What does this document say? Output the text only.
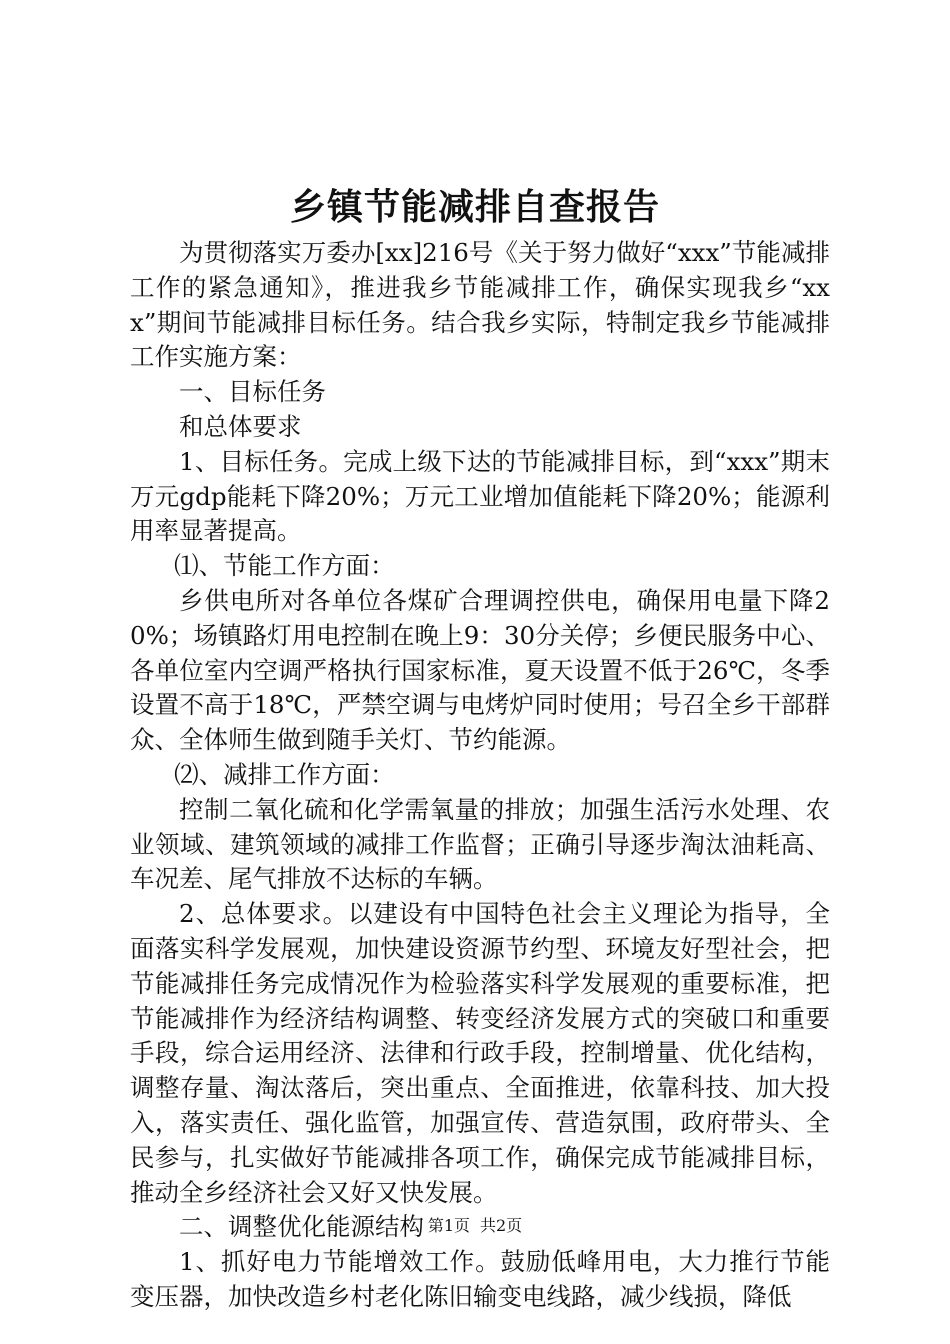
乡镇节能减排自查报告

为贯彻落实万委办[xx]216号《关于努力做好“xxx”节能减排工作的紧急通知》，推进我乡节能减排工作，确保实现我乡“xxx”期间节能减排目标任务。结合我乡实际，特制定我乡节能减排工作实施方案：

一、目标任务

和总体要求

1、目标任务。完成上级下达的节能减排目标，到“xxx”期末万元gdp能耗下降20%；万元工业增加值能耗下降20%；能源利用率显著提高。

⑴、节能工作方面：

乡供电所对各单位各煤矿合理调控供电，确保用电量下降20%；场镇路灯用电控制在晚上9：30分关停；乡便民服务中心、各单位室内空调严格执行国家标准，夏天设置不低于26℃，冬季设置不高于18℃，严禁空调与电烤炉同时使用；号召全乡干部群众、全体师生做到随手关灯、节约能源。

⑵、减排工作方面：

控制二氧化硫和化学需氧量的排放；加强生活污水处理、农业领域、建筑领域的减排工作监督；正确引导逐步淘汰油耗高、车况差、尾气排放不达标的车辆。

2、总体要求。以建设有中国特色社会主义理论为指导，全面落实科学发展观，加快建设资源节约型、环境友好型社会，把节能减排任务完成情况作为检验落实科学发展观的重要标准，把节能减排作为经济结构调整、转变经济发展方式的突破口和重要手段，综合运用经济、法律和行政手段，控制增量、优化结构，调整存量、淘汰落后，突出重点、全面推进，依靠科技、加大投入，落实责任、强化监管，加强宣传、营造氛围，政府带头、全民参与，扎实做好节能减排各项工作，确保完成节能减排目标，推动全乡经济社会又好又快发展。

二、调整优化能源结构

1、抓好电力节能增效工作。鼓励低峰用电，大力推行节能变压器，加快改造乡村老化陈旧输变电线路，减少线损，降低

第1页 共2页
